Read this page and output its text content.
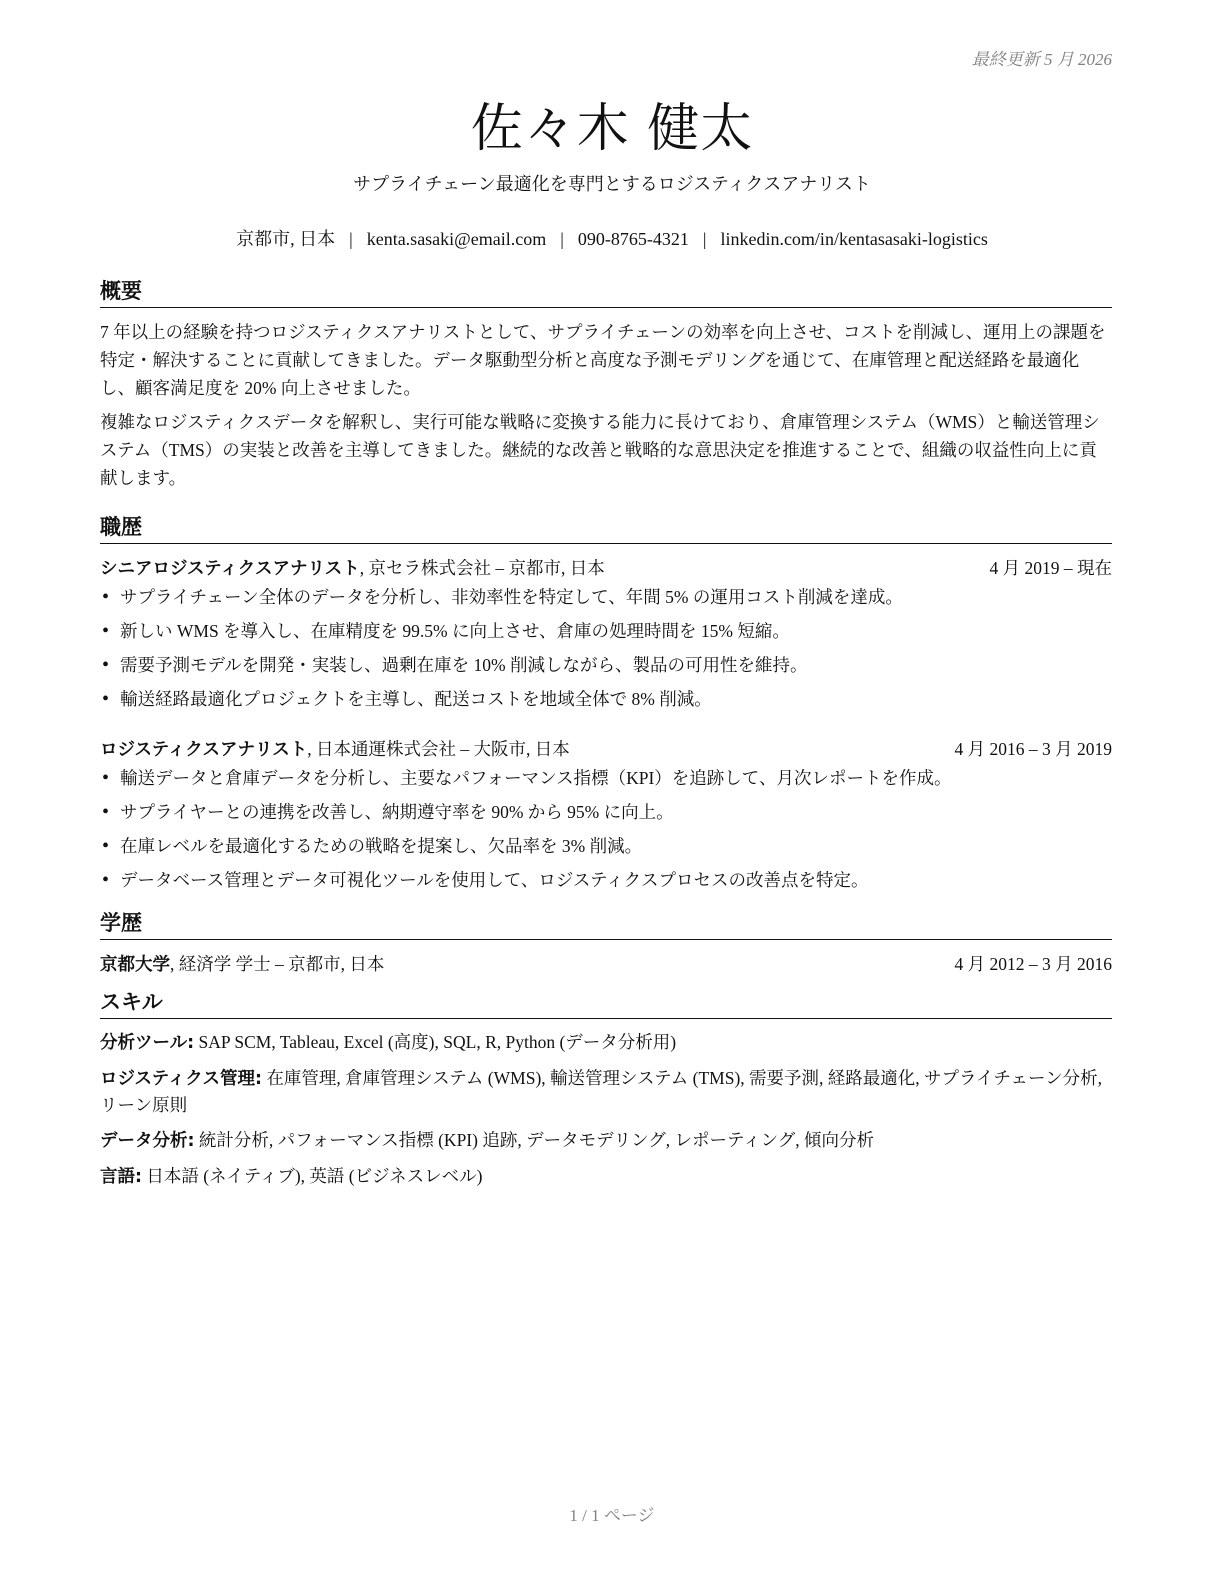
最終更新 5 月 2026
佐々木 健太
サプライチェーン最適化を専門とするロジスティクスアナリスト
京都市, 日本 | kenta.sasaki@email.com | 090-8765-4321 | linkedin.com/in/kentasasaki-logistics
概要

7 年以上の経験を持つロジスティクスアナリストとして、サプライチェーンの効率を向上させ、コストを削減し、運用上の課題を特定・解決することに貢献してきました。データ駆動型分析と高度な予測モデリングを通じて、在庫管理と配送経路を最適化し、顧客満足度を 20% 向上させました。

複雑なロジスティクスデータを解釈し、実行可能な戦略に変換する能力に長けており、倉庫管理システム（WMS）と輸送管理システム（TMS）の実装と改善を主導してきました。継続的な改善と戦略的な意思決定を推進することで、組織の収益性向上に貢献します。

職歴
シニアロジスティクスアナリスト, 京セラ株式会社 – 京都市, 日本	4 月 2019 – 現在
• サプライチェーン全体のデータを分析し、非効率性を特定して、年間 5% の運用コスト削減を達成。
• 新しい WMS を導入し、在庫精度を 99.5% に向上させ、倉庫の処理時間を 15% 短縮。
• 需要予測モデルを開発・実装し、過剰在庫を 10% 削減しながら、製品の可用性を維持。
• 輸送経路最適化プロジェクトを主導し、配送コストを地域全体で 8% 削減。
ロジスティクスアナリスト, 日本通運株式会社 – 大阪市, 日本	4 月 2016 – 3 月 2019
• 輸送データと倉庫データを分析し、主要なパフォーマンス指標（KPI）を追跡して、月次レポートを作成。
• サプライヤーとの連携を改善し、納期遵守率を 90% から 95% に向上。
• 在庫レベルを最適化するための戦略を提案し、欠品率を 3% 削減。
• データベース管理とデータ可視化ツールを使用して、ロジスティクスプロセスの改善点を特定。
学歴
京都大学, 経済学 学士 – 京都市, 日本	4 月 2012 – 3 月 2016
スキル
分析ツール: SAP SCM, Tableau, Excel (高度), SQL, R, Python (データ分析用)
ロジスティクス管理: 在庫管理, 倉庫管理システム (WMS), 輸送管理システム (TMS), 需要予測, 経路最適化, サプライチェーン分析, リーン原則
データ分析: 統計分析, パフォーマンス指標 (KPI) 追跡, データモデリング, レポーティング, 傾向分析
言語: 日本語 (ネイティブ), 英語 (ビジネスレベル)
1 / 1 ページ
